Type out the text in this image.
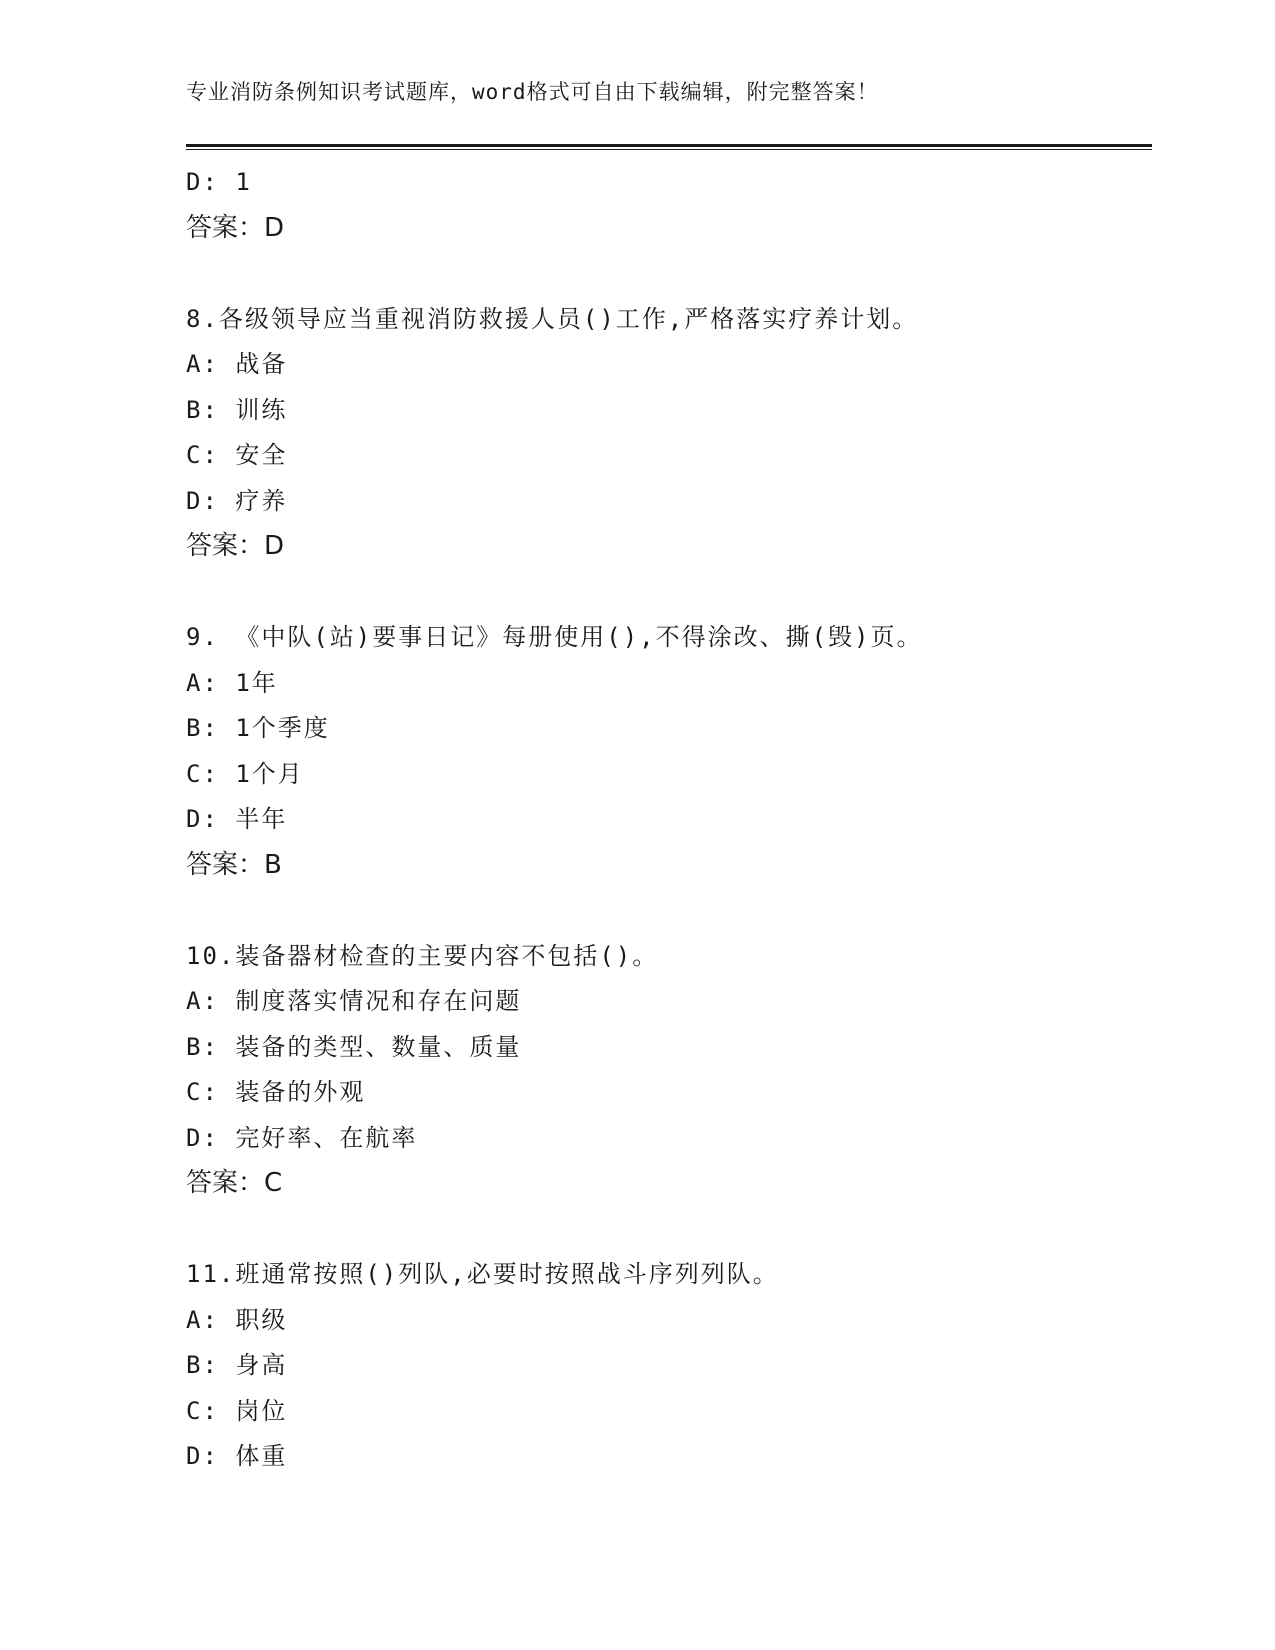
专业消防条例知识考试题库，word格式可自由下载编辑，附完整答案！
D: 1
答案：D
8.各级领导应当重视消防救援人员()工作,严格落实疗养计划。
A: 战备
B: 训练
C: 安全
D: 疗养
答案：D
9. 《中队(站)要事日记》每册使用(),不得涂改、撕(毁)页。
A: 1年
B: 1个季度
C: 1个月
D: 半年
答案：B
10.装备器材检查的主要内容不包括()。
A: 制度落实情况和存在问题
B: 装备的类型、数量、质量
C: 装备的外观
D: 完好率、在航率
答案：C
11.班通常按照()列队,必要时按照战斗序列列队。
A: 职级
B: 身高
C: 岗位
D: 体重
